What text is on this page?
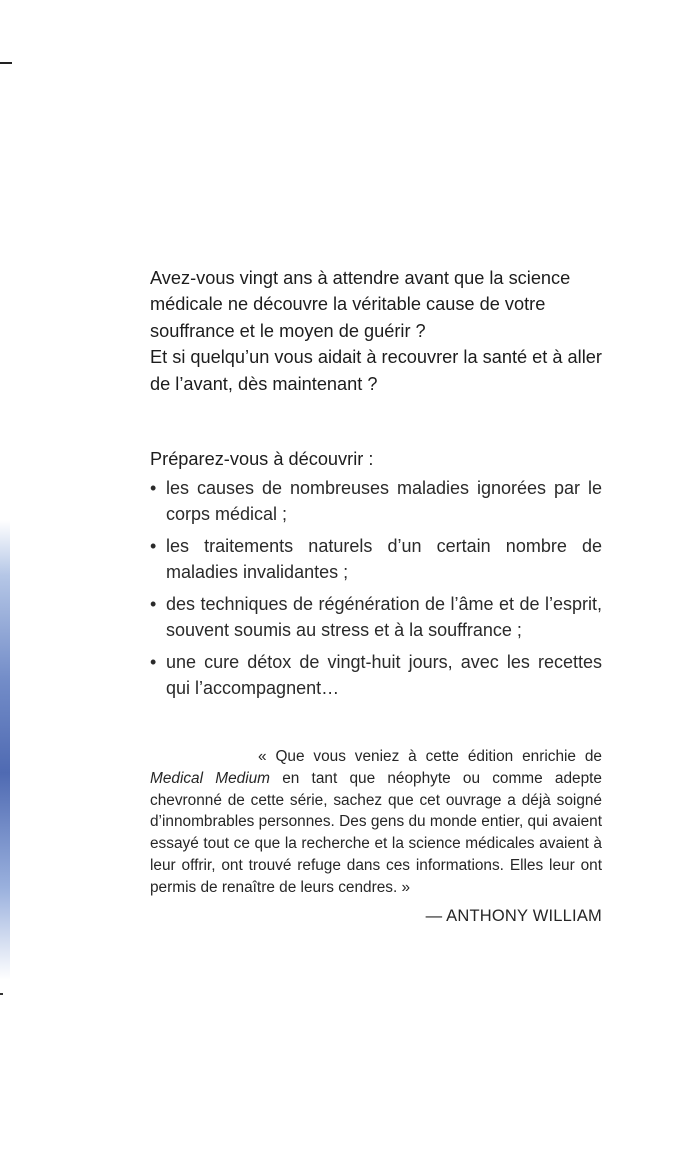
Avez-vous vingt ans à attendre avant que la science médicale ne découvre la véritable cause de votre souffrance et le moyen de guérir ?

Et si quelqu’un vous aidait à recouvrer la santé et à aller de l’avant, dès maintenant ?

Préparez-vous à découvrir :
• les causes de nombreuses maladies ignorées par le corps médical ;
• les traitements naturels d’un certain nombre de maladies invalidantes ;
• des techniques de régénération de l’âme et de l’esprit, souvent soumis au stress et à la souffrance ;
• une cure détox de vingt-huit jours, avec les recettes qui l’accompagnent…

« Que vous veniez à cette édition enrichie de Medical Medium en tant que néophyte ou comme adepte chevronné de cette série, sachez que cet ouvrage a déjà soigné d’innombrables personnes. Des gens du monde entier, qui avaient essayé tout ce que la recherche et la science médicales avaient à leur offrir, ont trouvé refuge dans ces informations. Elles leur ont permis de renaître de leurs cendres. »

— ANTHONY WILLIAM
